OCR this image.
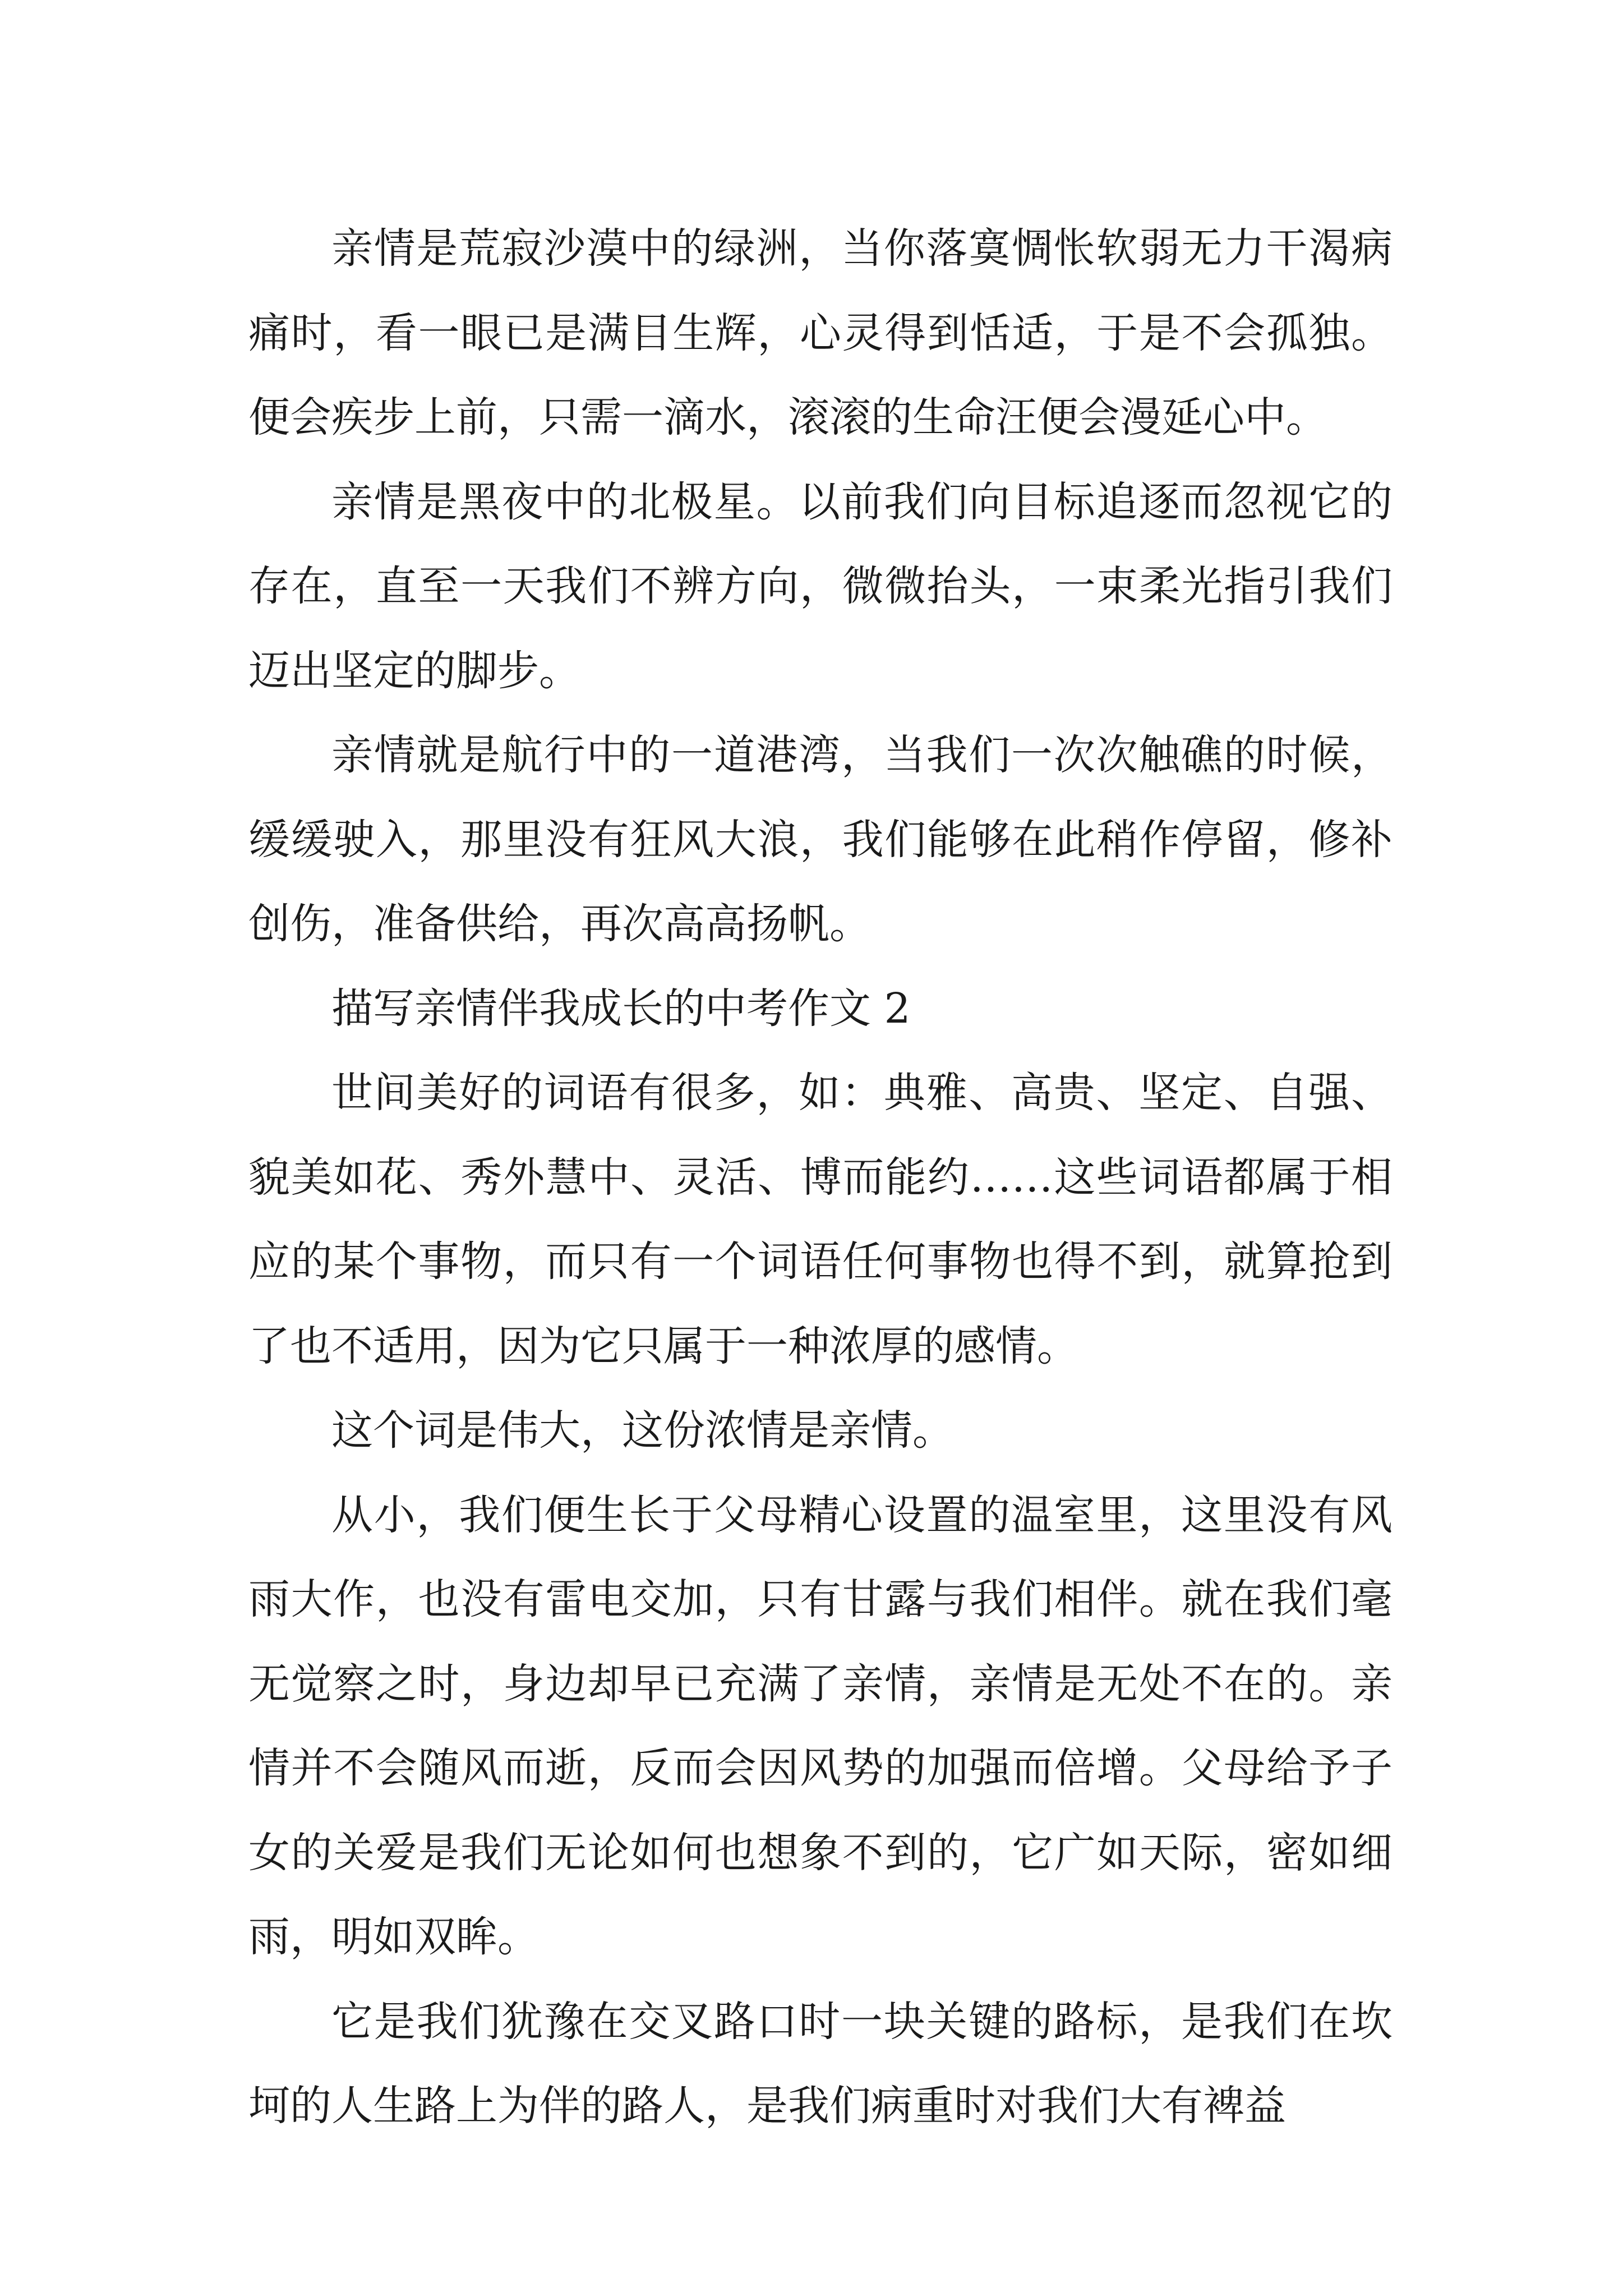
亲情是荒寂沙漠中的绿洲，当你落寞惆怅软弱无力干渴病痛时，看一眼已是满目生辉，心灵得到恬适，于是不会孤独。便会疾步上前，只需一滴水，滚滚的生命汪便会漫延心中。

亲情是黑夜中的北极星。以前我们向目标追逐而忽视它的存在，直至一天我们不辨方向，微微抬头，一束柔光指引我们迈出坚定的脚步。

亲情就是航行中的一道港湾，当我们一次次触礁的时候，缓缓驶入，那里没有狂风大浪，我们能够在此稍作停留，修补创伤，准备供给，再次高高扬帆。

描写亲情伴我成长的中考作文 2

世间美好的词语有很多，如：典雅、高贵、坚定、自强、貌美如花、秀外慧中、灵活、博而能约……这些词语都属于相应的某个事物，而只有一个词语任何事物也得不到，就算抢到了也不适用，因为它只属于一种浓厚的感情。

这个词是伟大，这份浓情是亲情。

从小，我们便生长于父母精心设置的温室里，这里没有风雨大作，也没有雷电交加，只有甘露与我们相伴。就在我们毫无觉察之时，身边却早已充满了亲情，亲情是无处不在的。亲情并不会随风而逝，反而会因风势的加强而倍增。父母给予子女的关爱是我们无论如何也想象不到的，它广如天际，密如细雨，明如双眸。

它是我们犹豫在交叉路口时一块关键的路标，是我们在坎坷的人生路上为伴的路人，是我们病重时对我们大有裨益
